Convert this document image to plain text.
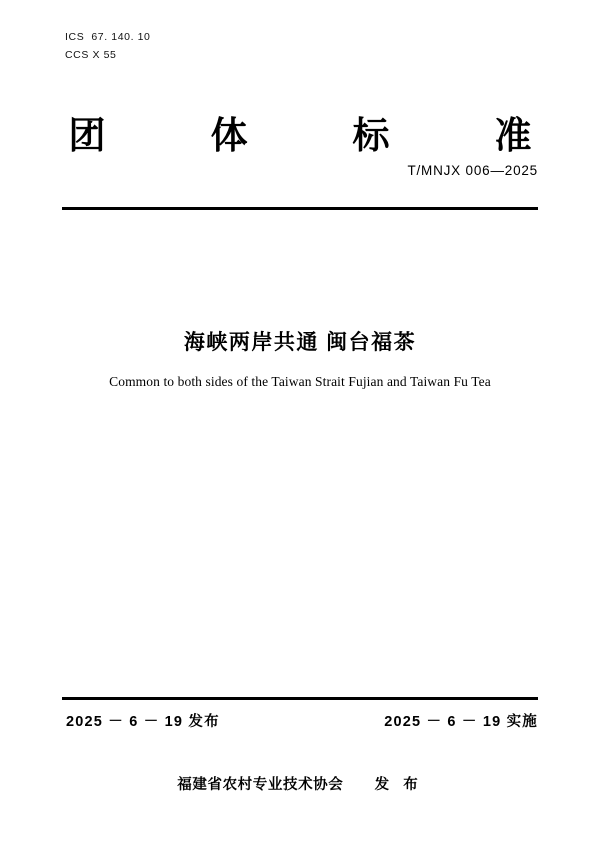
ICS  67. 140. 10
CCS X 55
团　体　标　准
T/MNJX 006—2025
海峡两岸共通 闽台福茶
Common to both sides of the Taiwan Strait Fujian and Taiwan Fu Tea
2025 － 6 － 19 发布	2025 － 6 － 19 实施
福建省农村专业技术协会 发 布
